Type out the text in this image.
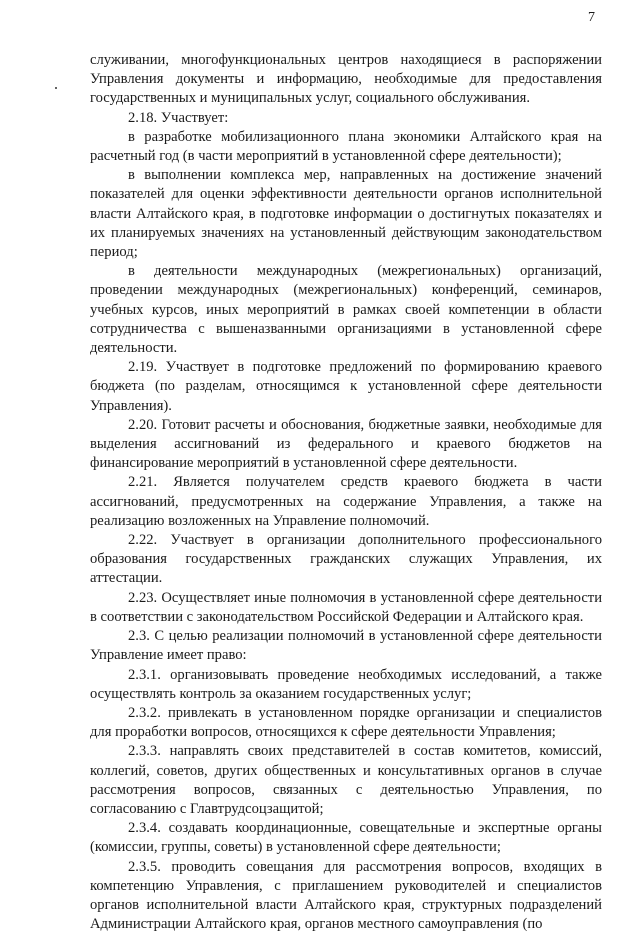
7

служивании, многофункциональных центров находящиеся в распоряжении Управления документы и информацию, необходимые для предоставления государственных и муниципальных услуг, социального обслуживания.

2.18. Участвует:

в разработке мобилизационного плана экономики Алтайского края на расчетный год (в части мероприятий в установленной сфере деятельности);

в выполнении комплекса мер, направленных на достижение значений показателей для оценки эффективности деятельности органов исполнительной власти Алтайского края, в подготовке информации о достигнутых показателях и их планируемых значениях на установленный действующим законодательством период;

в деятельности международных (межрегиональных) организаций, проведении международных (межрегиональных) конференций, семинаров, учебных курсов, иных мероприятий в рамках своей компетенции в области сотрудничества с вышеназванными организациями в установленной сфере деятельности.

2.19. Участвует в подготовке предложений по формированию краевого бюджета (по разделам, относящимся к установленной сфере деятельности Управления).

2.20. Готовит расчеты и обоснования, бюджетные заявки, необходимые для выделения ассигнований из федерального и краевого бюджетов на финансирование мероприятий в установленной сфере деятельности.

2.21. Является получателем средств краевого бюджета в части ассигнований, предусмотренных на содержание Управления, а также на реализацию возложенных на Управление полномочий.

2.22. Участвует в организации дополнительного профессионального образования государственных гражданских служащих Управления, их аттестации.

2.23. Осуществляет иные полномочия в установленной сфере деятельности в соответствии с законодательством Российской Федерации и Алтайского края.

2.3. С целью реализации полномочий в установленной сфере деятельности Управление имеет право:

2.3.1. организовывать проведение необходимых исследований, а также осуществлять контроль за оказанием государственных услуг;

2.3.2. привлекать в установленном порядке организации и специалистов для проработки вопросов, относящихся к сфере деятельности Управления;

2.3.3. направлять своих представителей в состав комитетов, комиссий, коллегий, советов, других общественных и консультативных органов в случае рассмотрения вопросов, связанных с деятельностью Управления, по согласованию с Главтрудсоцзащитой;

2.3.4. создавать координационные, совещательные и экспертные органы (комиссии, группы, советы) в установленной сфере деятельности;

2.3.5. проводить совещания для рассмотрения вопросов, входящих в компетенцию Управления, с приглашением руководителей и специалистов органов исполнительной власти Алтайского края, структурных подразделений Администрации Алтайского края, органов местного самоуправления (по
